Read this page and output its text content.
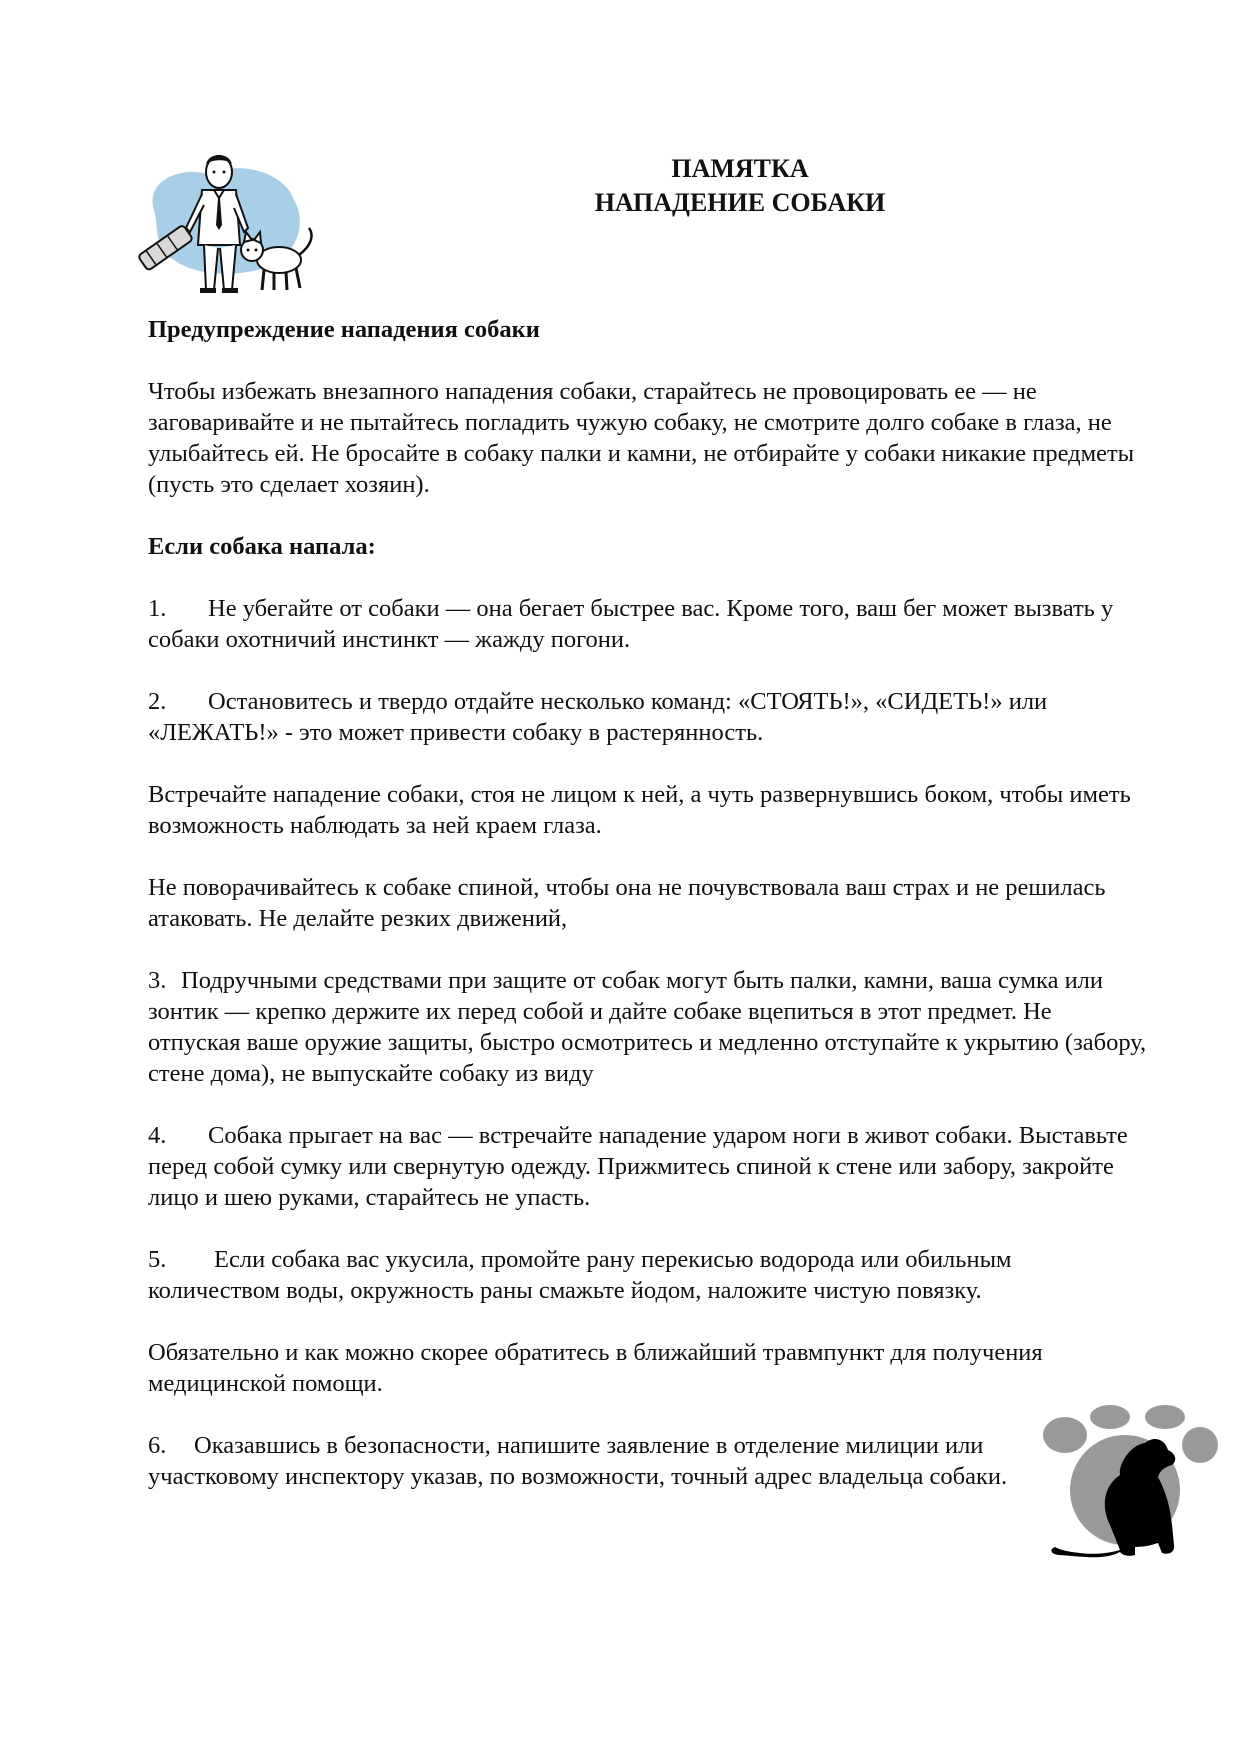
ПАМЯТКА
НАПАДЕНИЕ СОБАКИ

Предупреждение нападения собаки

Чтобы избежать внезапного нападения собаки, старайтесь не провоцировать ее — не заговаривайте и не пытайтесь погладить чужую собаку, не смотрите долго собаке в глаза, не улыбайтесь ей. Не бросайте в собаку палки и камни, не отбирайте у собаки никакие предметы (пусть это сделает хозяин).

Если собака напала:

1. Не убегайте от собаки — она бегает быстрее вас. Кроме того, ваш бег может вызвать у собаки охотничий инстинкт — жажду погони.

2. Остановитесь и твердо отдайте несколько команд: «СТОЯТЬ!», «СИДЕТЬ!» или «ЛЕЖАТЬ!» - это может привести собаку в растерянность.

Встречайте нападение собаки, стоя не лицом к ней, а чуть развернувшись боком, чтобы иметь возможность наблюдать за ней краем глаза.

Не поворачивайтесь к собаке спиной, чтобы она не почувствовала ваш страх и не решилась атаковать. Не делайте резких движений,

3. Подручными средствами при защите от собак могут быть палки, камни, ваша сумка или зонтик — крепко держите их перед собой и дайте собаке вцепиться в этот предмет. Не отпуская ваше оружие защиты, быстро осмотритесь и медленно отступайте к укрытию (забору, стене дома), не выпускайте собаку из виду

4. Собака прыгает на вас — встречайте нападение ударом ноги в живот собаки. Выставьте перед собой сумку или свернутую одежду. Прижмитесь спиной к стене или забору, закройте лицо и шею руками, старайтесь не упасть.

5. Если собака вас укусила, промойте рану перекисью водорода или обильным количеством воды, окружность раны смажьте йодом, наложите чистую повязку.

Обязательно и как можно скорее обратитесь в ближайший травмпункт для получения медицинской помощи.

6. Оказавшись в безопасности, напишите заявление в отделение милиции или участковому инспектору указав, по возможности, точный адрес владельца собаки.
